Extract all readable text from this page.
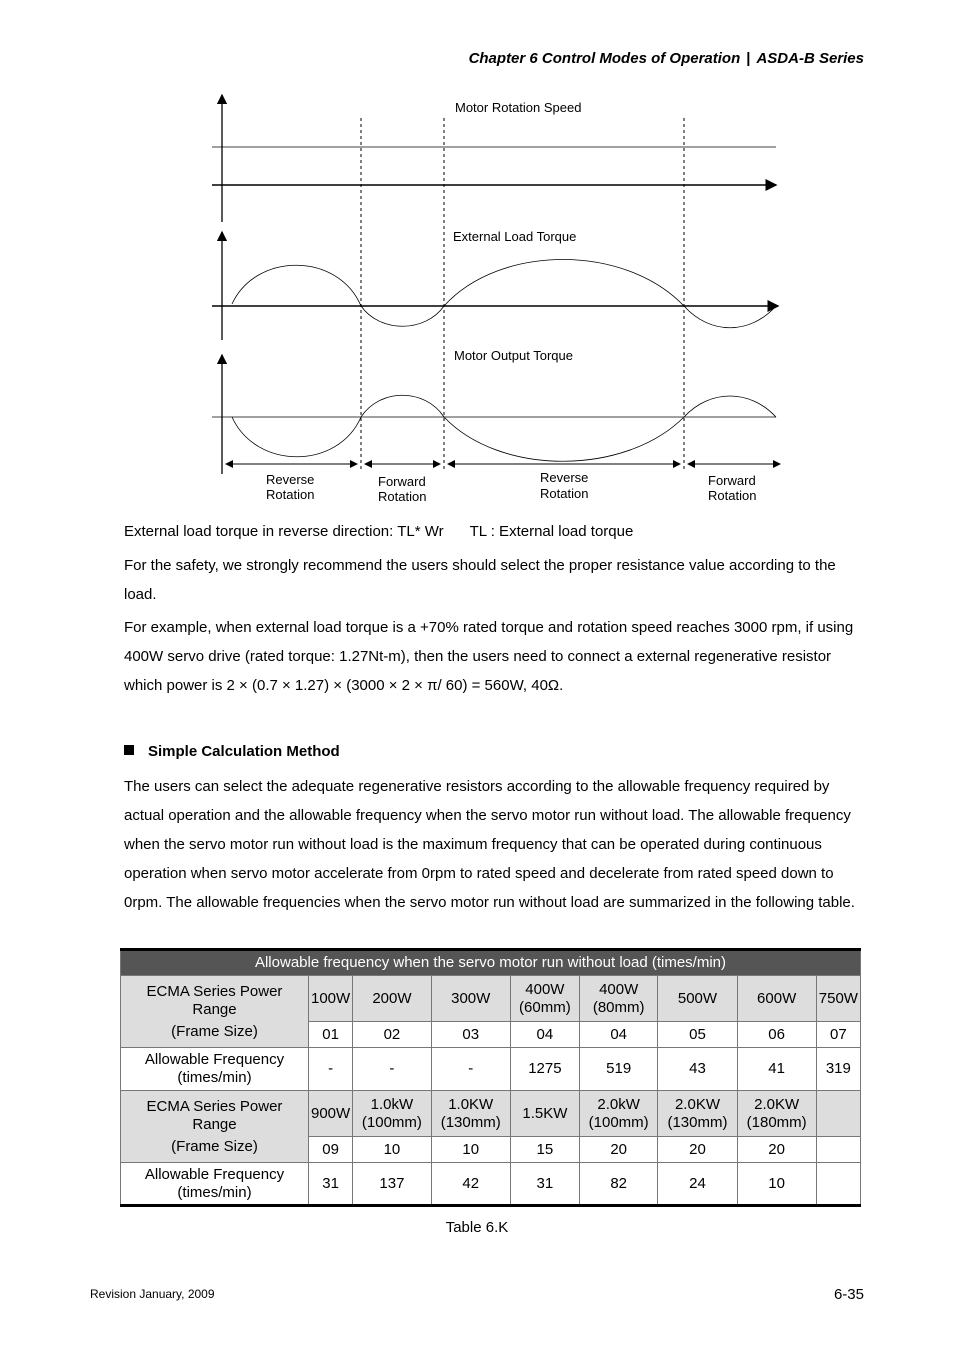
Chapter 6 Control Modes of Operation | ASDA-B Series
Motor Rotation Speed
External Load Torque
Motor Output Torque
Reverse
Rotation
Forward
Rotation
Reverse
Rotation
Forward
Rotation

External load torque in reverse direction: TL* Wr TL : External load torque

For the safety, we strongly recommend the users should select the proper resistance value according to the load.

For example, when external load torque is a +70% rated torque and rotation speed reaches 3000 rpm, if using 400W servo drive (rated torque: 1.27Nt-m), then the users need to connect a external regenerative resistor which power is 2 × (0.7 × 1.27) × (3000 × 2 × π/ 60) = 560W, 40Ω.

Simple Calculation Method

The users can select the adequate regenerative resistors according to the allowable frequency required by actual operation and the allowable frequency when the servo motor run without load. The allowable frequency when the servo motor run without load is the maximum frequency that can be operated during continuous operation when servo motor accelerate from 0rpm to rated speed and decelerate from rated speed down to 0rpm. The allowable frequencies when the servo motor run without load are summarized in the following table.

Allowable frequency when the servo motor run without load (times/min)								

ECMA Series Power Range
(Frame Size)	100W	200W	300W	400W (60mm)	400W (80mm)	500W	600W	750W
	01	02	03	04	04	05	06	07
Allowable Frequency (times/min)	-	-	-	1275	519	43	41	319

ECMA Series Power Range
(Frame Size)	900W	1.0kW (100mm)	1.0KW (130mm)	1.5KW	2.0kW (100mm)	2.0KW (130mm)	2.0KW (180mm)	
	09	10	10	15	20	20	20	
Allowable Frequency (times/min)	31	137	42	31	82	24	10	
Table 6.K
Revision January, 2009	6-35
